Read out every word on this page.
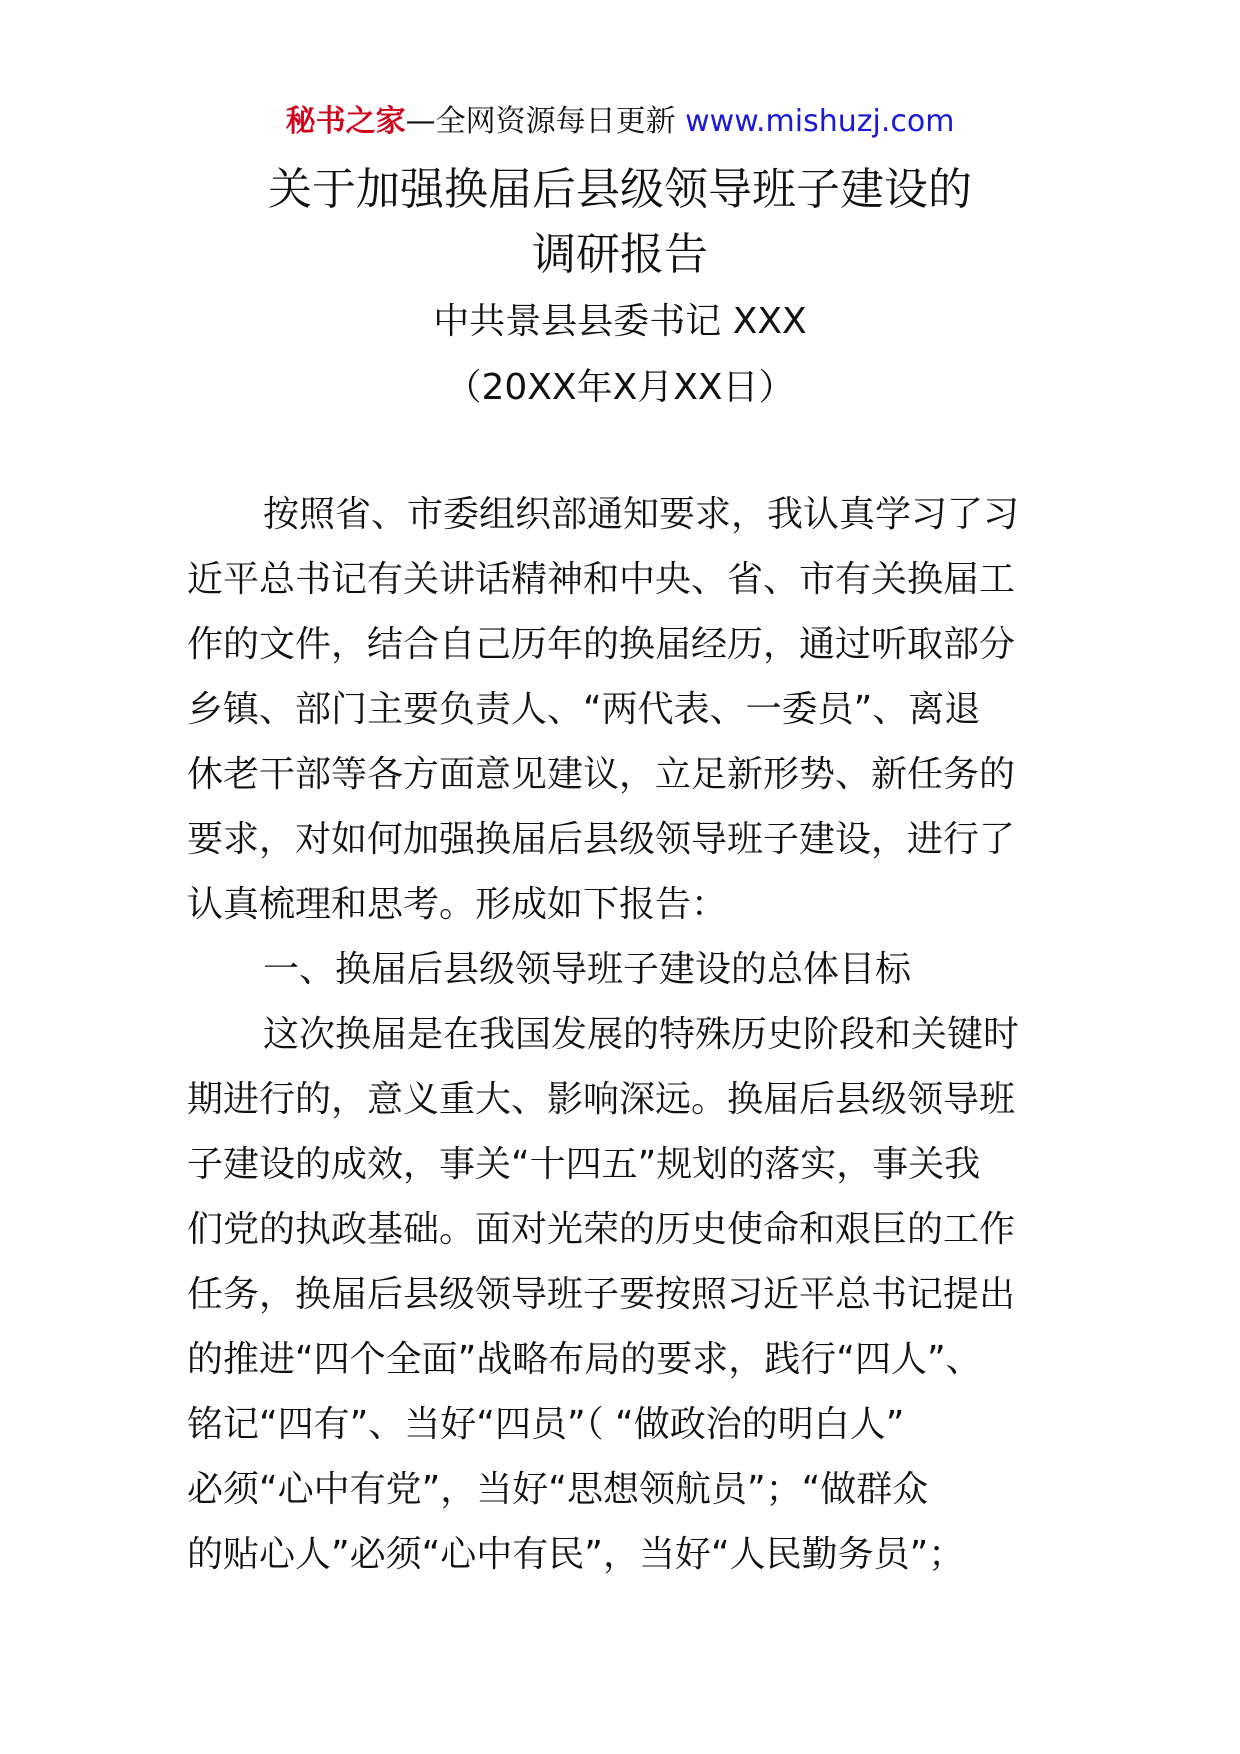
秘书之家—全网资源每日更新 www.mishuzj.com
关于加强换届后县级领导班子建设的
调研报告
中共景县县委书记 XXX
（20XX年X月XX日）
按照省、市委组织部通知要求，我认真学习了习
近平总书记有关讲话精神和中央、省、市有关换届工
作的文件，结合自己历年的换届经历，通过听取部分
乡镇、部门主要负责人、“两代表、一委员”、离退
休老干部等各方面意见建议，立足新形势、新任务的
要求，对如何加强换届后县级领导班子建设，进行了
认真梳理和思考。形成如下报告：
一、换届后县级领导班子建设的总体目标
这次换届是在我国发展的特殊历史阶段和关键时
期进行的，意义重大、影响深远。换届后县级领导班
子建设的成效，事关“十四五”规划的落实，事关我
们党的执政基础。面对光荣的历史使命和艰巨的工作
任务，换届后县级领导班子要按照习近平总书记提出
的推进“四个全面”战略布局的要求，践行“四人”、
铭记“四有”、当好“四员”（ “做政治的明白人”
必须“心中有党”，当好“思想领航员”；“做群众
的贴心人”必须“心中有民”，当好“人民勤务员”；
